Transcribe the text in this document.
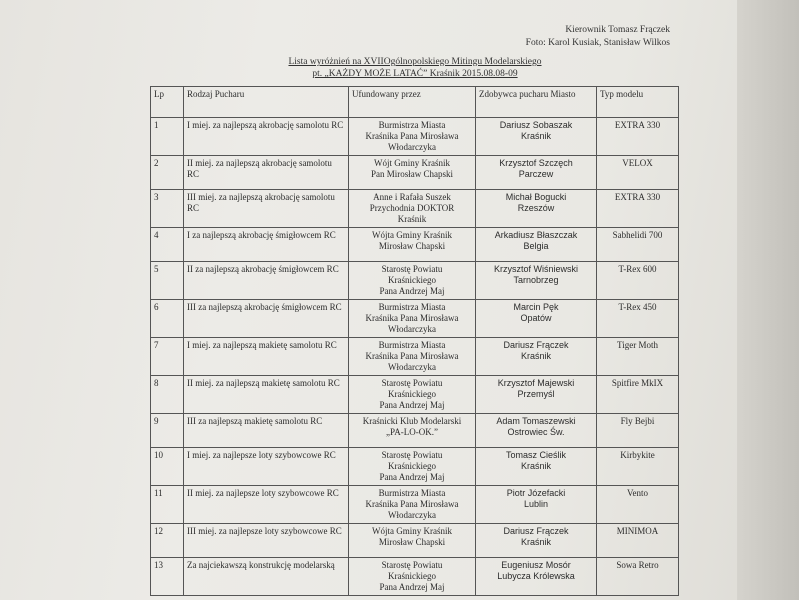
Kierownik Tomasz Frączek
Foto: Karol Kusiak, Stanisław Wilkos
Lista wyróżnień na XVIIOgólnopolskiego Mitingu Modelarskiego
pt. „KAŻDY MOŻE LATAĆ” Kraśnik 2015.08.08-09
Lp	Rodzaj Pucharu	Ufundowany przez	Zdobywca pucharu Miasto	Typ modelu
1	I miej. za najlepszą akrobację samolotu RC	Burmistrza Miasta
Kraśnika Pana Mirosława
Włodarczyka	Dariusz Sobaszak
Kraśnik	EXTRA 330
2	II miej. za najlepszą akrobację samolotu RC	Wójt Gminy Kraśnik
Pan Mirosław Chapski	Krzysztof Szczęch
Parczew	VELOX
3	III miej. za najlepszą akrobację samolotu RC	Anne i Rafała Suszek
Przychodnia DOKTOR
Kraśnik	Michał Bogucki
Rzeszów	EXTRA 330
4	I za najlepszą akrobację śmigłowcem RC	Wójta Gminy Kraśnik
Mirosław Chapski	Arkadiusz Błaszczak
Belgia	Sabhelidi 700
5	II za najlepszą akrobację śmigłowcem RC	Starostę Powiatu
Kraśnickiego
Pana Andrzej Maj	Krzysztof Wiśniewski
Tarnobrzeg	T-Rex 600
6	III za najlepszą akrobację śmigłowcem RC	Burmistrza Miasta
Kraśnika Pana Mirosława
Włodarczyka	Marcin Pęk
Opatów	T-Rex 450
7	I miej. za najlepszą makietę samolotu RC	Burmistrza Miasta
Kraśnika Pana Mirosława
Włodarczyka	Dariusz Frączek
Kraśnik	Tiger Moth
8	II miej. za najlepszą makietę samolotu RC	Starostę Powiatu
Kraśnickiego
Pana Andrzej Maj	Krzysztof Majewski
Przemyśl	Spitfire MkIX
9	III za najlepszą makietę samolotu RC	Kraśnicki Klub Modelarski
„PA-LO-OK.”	Adam Tomaszewski
Ostrowiec Św.	Fly Bejbi
10	I miej. za najlepsze loty szybowcowe RC	Starostę Powiatu
Kraśnickiego
Pana Andrzej Maj	Tomasz Cieślik
Kraśnik	Kirbykite
11	II miej. za najlepsze loty szybowcowe RC	Burmistrza Miasta
Kraśnika Pana Mirosława
Włodarczyka	Piotr Józefacki
Lublin	Vento
12	III miej. za najlepsze loty szybowcowe RC	Wójta Gminy Kraśnik
Mirosław Chapski	Dariusz Frączek
Kraśnik	MINIMOA
13	Za najciekawszą konstrukcję modelarską	Starostę Powiatu
Kraśnickiego
Pana Andrzej Maj	Eugeniusz Mosór
Lubycza Królewska	Sowa Retro
